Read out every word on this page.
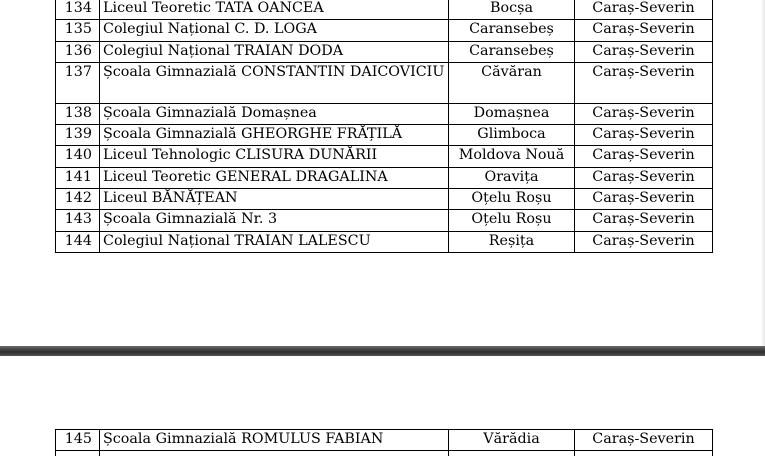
134	Liceul Teoretic TATA OANCEA	Bocșa	Caraș-Severin
135	Colegiul Național C. D. LOGA	Caransebeș	Caraș-Severin
136	Colegiul Național TRAIAN DODA	Caransebeș	Caraș-Severin
137	Școala Gimnazială CONSTANTIN DAICOVICIU	Căvăran	Caraș-Severin
138	Școala Gimnazială Domașnea	Domașnea	Caraș-Severin
139	Școala Gimnazială GHEORGHE FRĂȚILĂ	Glimboca	Caraș-Severin
140	Liceul Tehnologic CLISURA DUNĂRII	Moldova Nouă	Caraș-Severin
141	Liceul Teoretic GENERAL DRAGALINA	Oravița	Caraș-Severin
142	Liceul BĂNĂȚEAN	Oțelu Roșu	Caraș-Severin
143	Școala Gimnazială Nr. 3	Oțelu Roșu	Caraș-Severin
144	Colegiul Național TRAIAN LALESCU	Reșița	Caraș-Severin
145	Școala Gimnazială ROMULUS FABIAN	Vărădia	Caraș-Severin
